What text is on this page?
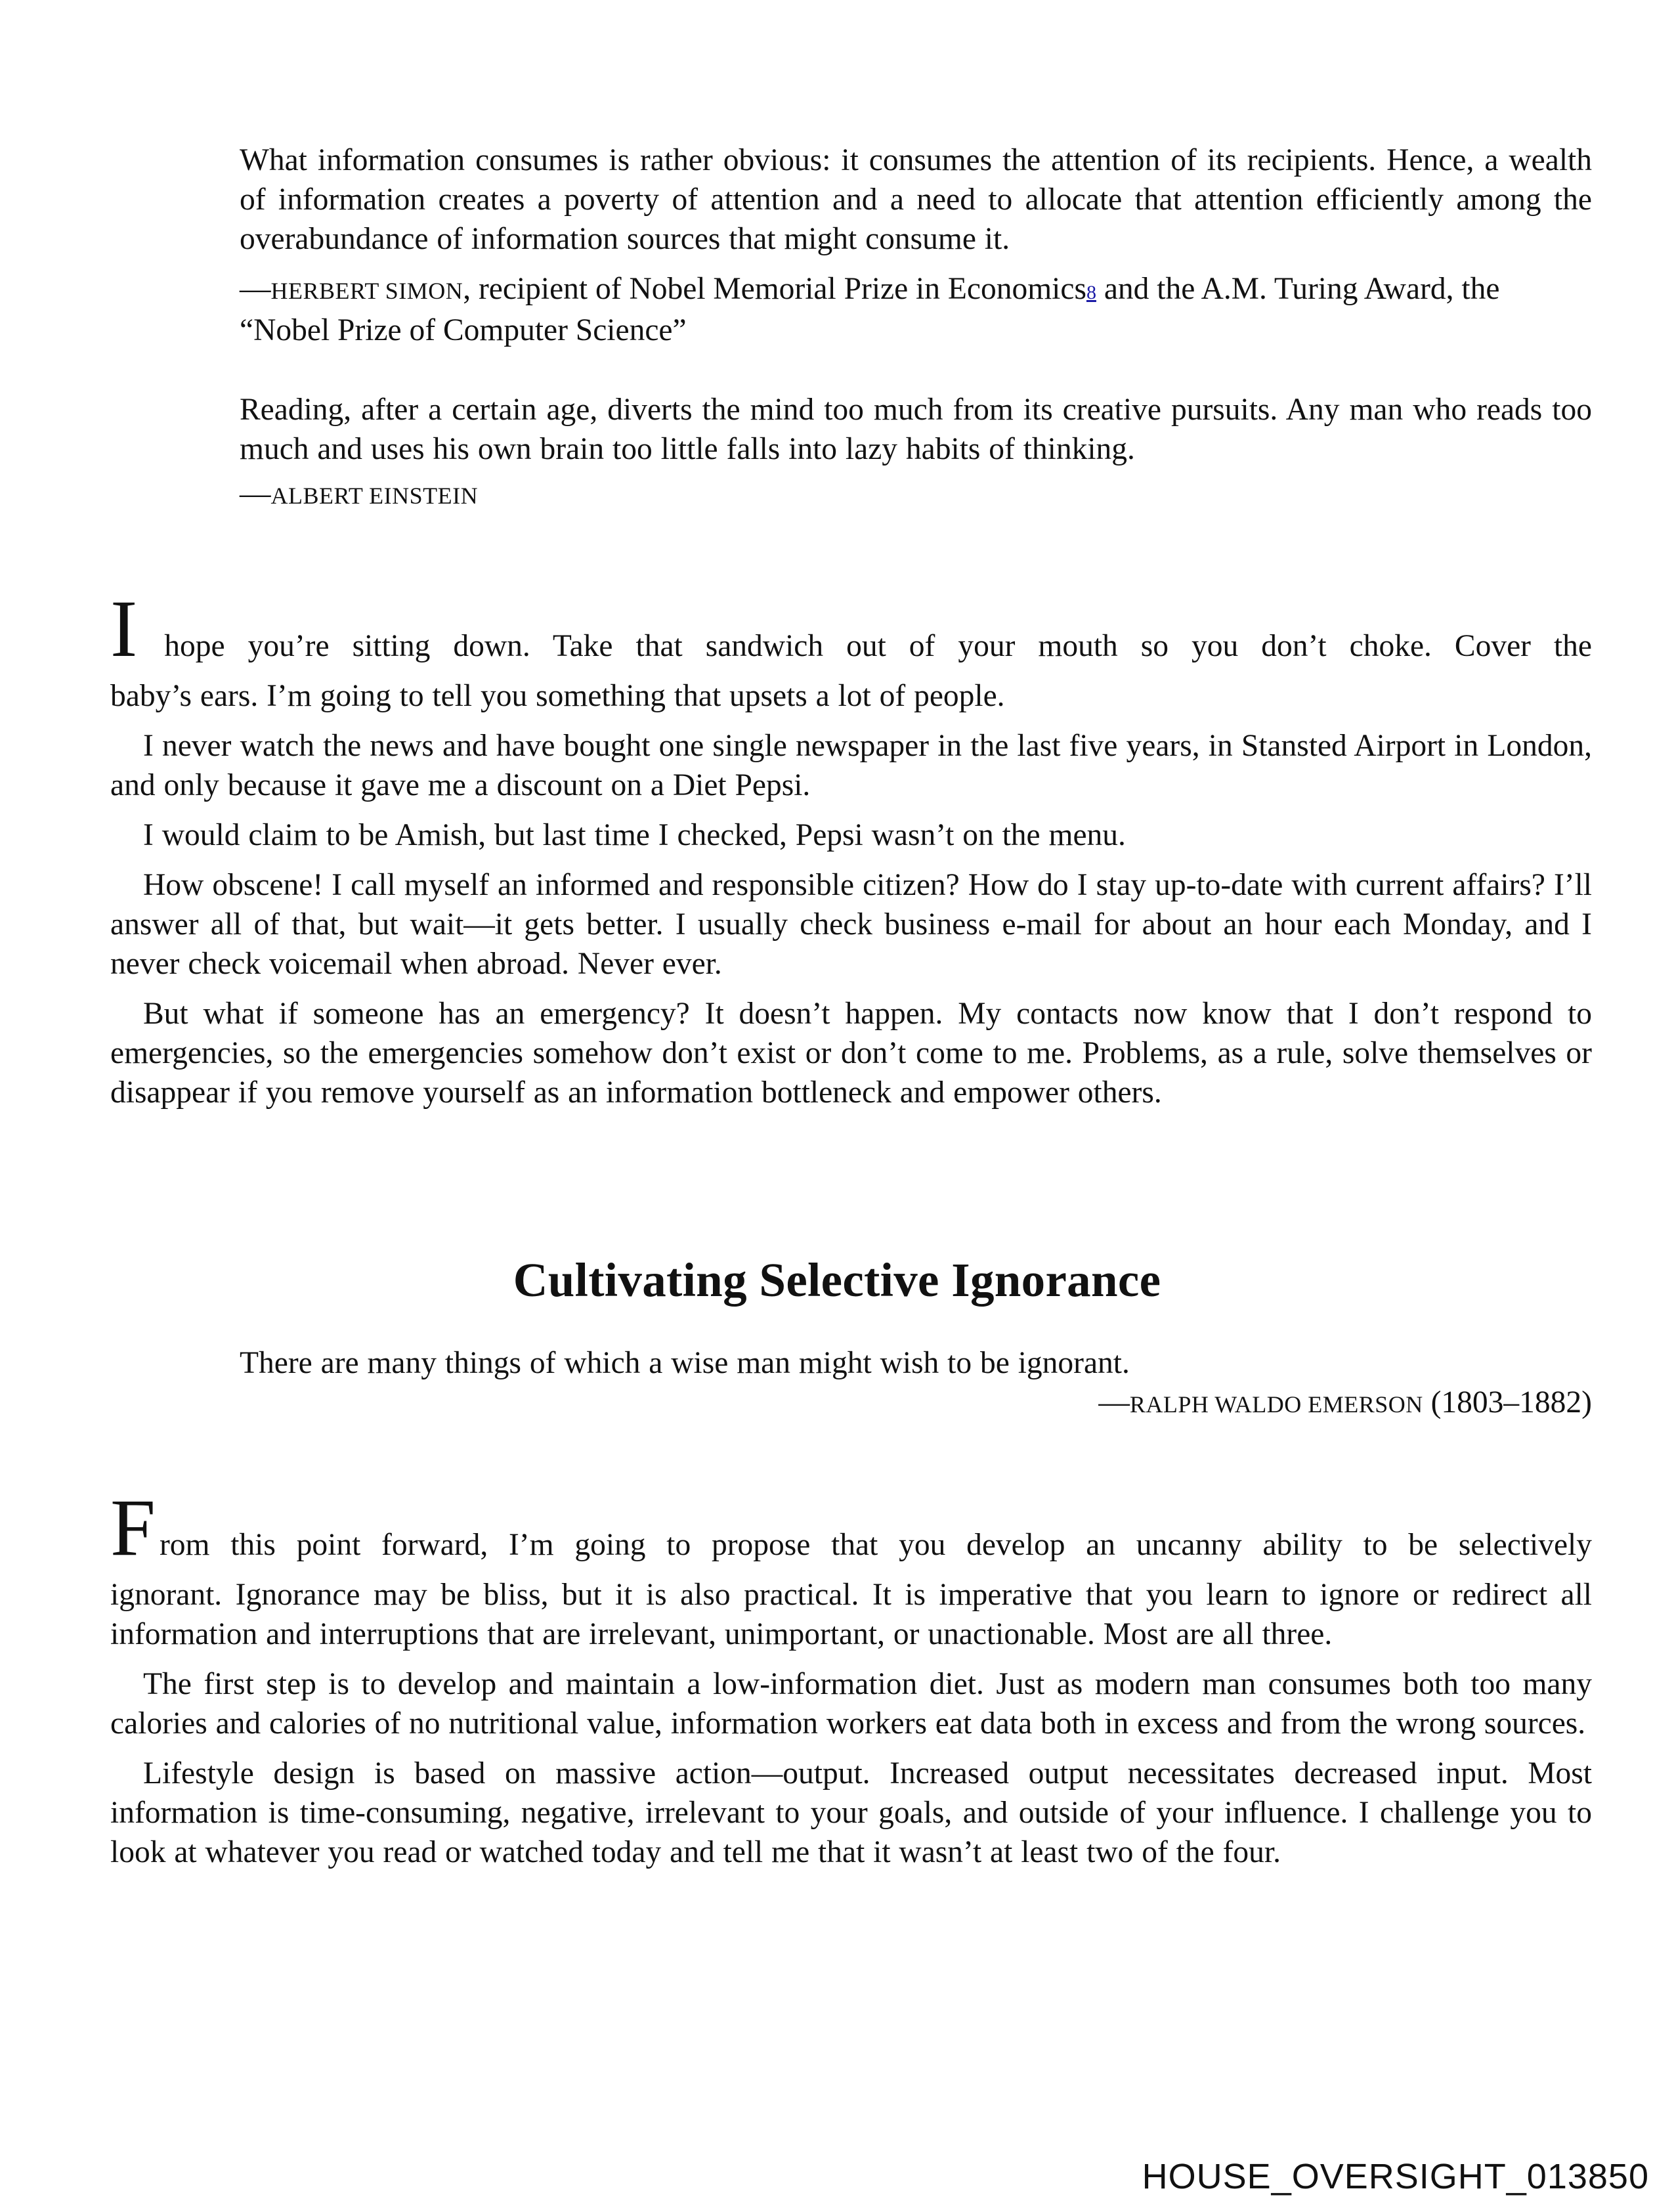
What information consumes is rather obvious: it consumes the attention of its recipients. Hence, a wealth of information creates a poverty of attention and a need to allocate that attention efficiently among the overabundance of information sources that might consume it.

—HERBERT SIMON, recipient of Nobel Memorial Prize in Economics$^8$ and the A.M. Turing Award, the “Nobel Prize of Computer Science”

Reading, after a certain age, diverts the mind too much from its creative pursuits. Any man who reads too much and uses his own brain too little falls into lazy habits of thinking.

—ALBERT EINSTEIN

I hope you’re sitting down. Take that sandwich out of your mouth so you don’t choke. Cover the

baby’s ears. I’m going to tell you something that upsets a lot of people.

I never watch the news and have bought one single newspaper in the last five years, in Stansted Airport in London, and only because it gave me a discount on a Diet Pepsi.

I would claim to be Amish, but last time I checked, Pepsi wasn’t on the menu.

How obscene! I call myself an informed and responsible citizen? How do I stay up-to-date with current affairs? I’ll answer all of that, but wait—it gets better. I usually check business e-mail for about an hour each Monday, and I never check voicemail when abroad. Never ever.

But what if someone has an emergency? It doesn’t happen. My contacts now know that I don’t respond to emergencies, so the emergencies somehow don’t exist or don’t come to me. Problems, as a rule, solve themselves or disappear if you remove yourself as an information bottleneck and empower others.

Cultivating Selective Ignorance

There are many things of which a wise man might wish to be ignorant.

—RALPH WALDO EMERSON (1803–1882)

From this point forward, I’m going to propose that you develop an uncanny ability to be selectively

ignorant. Ignorance may be bliss, but it is also practical. It is imperative that you learn to ignore or redirect all information and interruptions that are irrelevant, unimportant, or unactionable. Most are all three.

The first step is to develop and maintain a low-information diet. Just as modern man consumes both too many calories and calories of no nutritional value, information workers eat data both in excess and from the wrong sources.

Lifestyle design is based on massive action—output. Increased output necessitates decreased input. Most information is time-consuming, negative, irrelevant to your goals, and outside of your influence. I challenge you to look at whatever you read or watched today and tell me that it wasn’t at least two of the four.

HOUSE_OVERSIGHT_013850
